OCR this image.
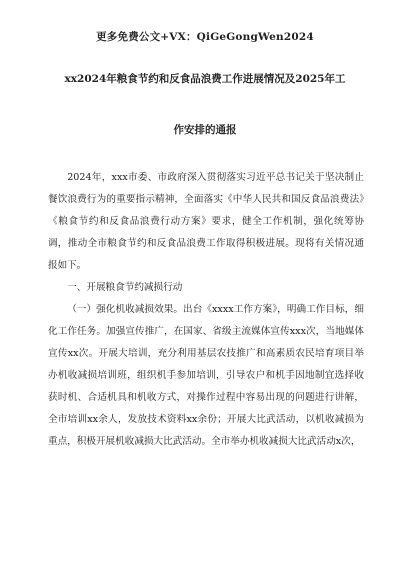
更多免费公文+VX：QiGeGongWen2024
xx2024年粮食节约和反食品浪费工作进展情况及2025年工
作安排的通报

2024年，xxx市委、市政府深入贯彻落实习近平总书记关于坚决制止餐饮浪费行为的重要指示精神，全面落实《中华人民共和国反食品浪费法》《粮食节约和反食品浪费行动方案》要求，健全工作机制，强化统筹协调，推动全市粮食节约和反食品浪费工作取得积极进展。现将有关情况通报如下。

一、开展粮食节约减损行动

（一）强化机收减损效果。出台《xxxx工作方案》，明确工作目标，细化工作任务。加强宣传推广，在国家、省级主流媒体宣传xxx次，当地媒体宣传xx次。开展大培训，充分利用基层农技推广和高素质农民培育项目举办机收减损培训班，组织机手参加培训，引导农户和机手因地制宜选择收获时机、合适机具和机收方式，对操作过程中容易出现的问题进行讲解，全市培训xx余人，发放技术资料xx余份；开展大比武活动，以机收减损为重点，积极开展机收减损大比武活动。全市举办机收减损大比武活动x次，
